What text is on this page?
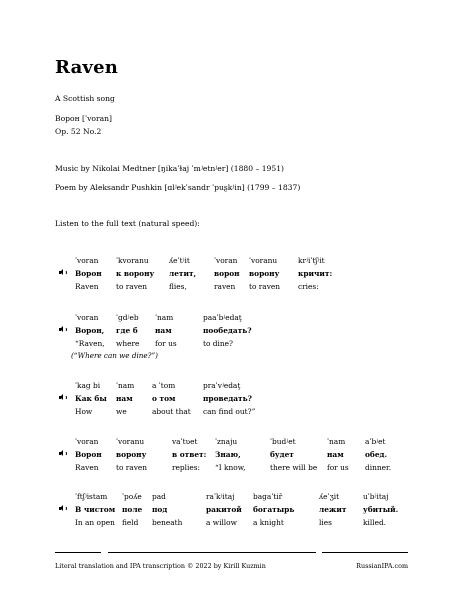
Raven
A Scottish song
Ворон [ˈvoran]
Op. 52 No.2
Music by Nikolai Medtner [ŋikaˈɫaj ˈmʲetnʲer] (1880 – 1951)
Poem by Aleksandr Pushkin [ɑlʲekˈsandr ˈpuʂkʲin] (1799 – 1837)
Listen to the full text (natural speed):
ˈvoran
Ворон
Raven
ˈkvoranu
к ворону
to raven
ʎeˈtʲit
летит,
flies,
ˈvoran
ворон
raven
ˈvoranu
ворону
to raven
krʲiˈtʃʲit
кричит:
cries:
ˈvoran
Ворон,
“Raven,
ˈgdʲeb
где б
where
ˈnam
нам
for us
paaˈbʲedaţ
пообедать?
to dine?
(“Where can we dine?”)
ˈkag bi
Как бы
How
ˈnam
нам
we
a ˈtom
о том
about that
praˈvʲedaţ
проведать?
can find out?”
ˈvoran
Ворон
Raven
ˈvoranu
ворону
to raven
vaˈtʋet
в ответ:
replies:
ˈznaju
Знаю,
“I know,
ˈbudʲet
будет
there will be
ˈnam
нам
for us
aˈbʲet
обед.
dinner.
ˈftʃʲistam
В чистом
In an open
ˈpoʎe
поле
field
pad
под
beneath
raˈkʲitaj
ракитой
a willow
bagaˈtiř
богатырь
a knight
ʎeˈʒit
лежит
lies
uˈbʲitaj
убитый.
killed.
Literal translation and IPA transcription © 2022 by Kirill Kuzmin	RussianIPA.com
